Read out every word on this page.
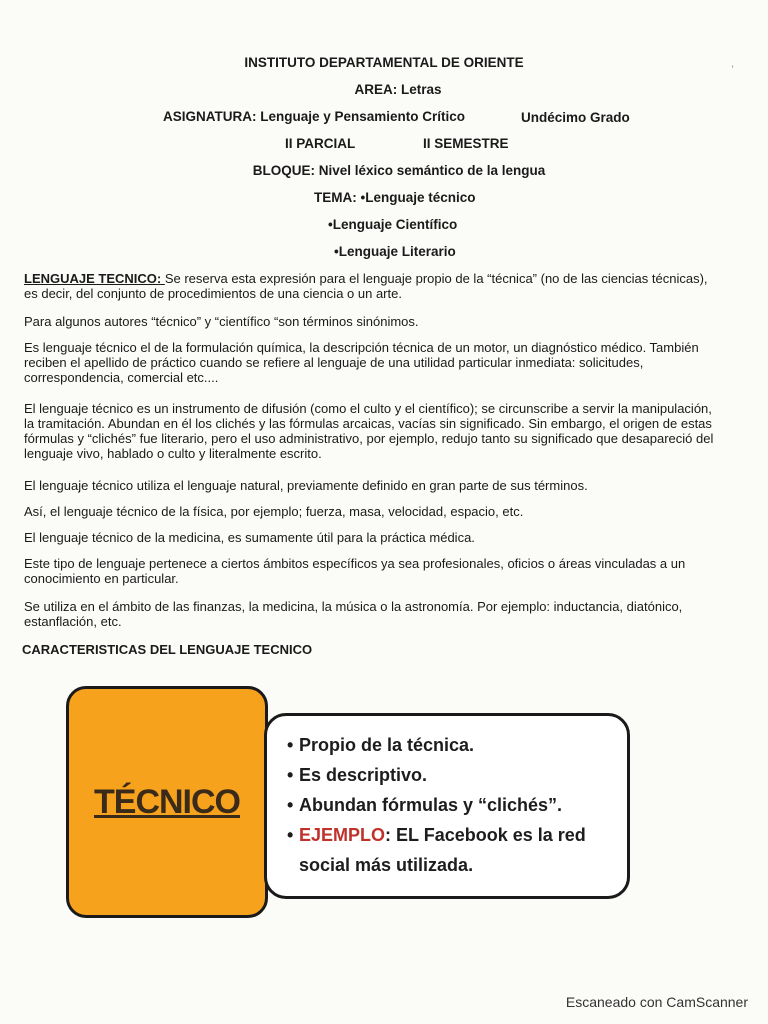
INSTITUTO DEPARTAMENTAL DE ORIENTE
AREA: Letras
ASIGNATURA: Lenguaje y Pensamiento Crítico	Undécimo Grado
II PARCIAL	II SEMESTRE
BLOQUE: Nivel léxico semántico de la lengua
TEMA: •Lenguaje técnico
•Lenguaje Científico
•Lenguaje Literario
˒
LENGUAJE TECNICO: Se reserva esta expresión para el lenguaje propio de la “técnica” (no de las ciencias técnicas), es decir, del conjunto de procedimientos de una ciencia o un arte.
Para algunos autores “técnico” y “científico “son términos sinónimos.
Es lenguaje técnico el de la formulación química, la descripción técnica de un motor, un diagnóstico médico. También reciben el apellido de práctico cuando se refiere al lenguaje de una utilidad particular inmediata: solicitudes, correspondencia, comercial etc....
El lenguaje técnico es un instrumento de difusión (como el culto y el científico); se circunscribe a servir la manipulación, la tramitación. Abundan en él los clichés y las fórmulas arcaicas, vacías sin significado. Sin embargo, el origen de estas fórmulas y “clichés” fue literario, pero el uso administrativo, por ejemplo, redujo tanto su significado que desapareció del lenguaje vivo, hablado o culto y literalmente escrito.
El lenguaje técnico utiliza el lenguaje natural, previamente definido en gran parte de sus términos.
Así, el lenguaje técnico de la física, por ejemplo; fuerza, masa, velocidad, espacio, etc.
El lenguaje técnico de la medicina, es sumamente útil para la práctica médica.
Este tipo de lenguaje pertenece a ciertos ámbitos específicos ya sea profesionales, oficios o áreas vinculadas a un conocimiento en particular.
Se utiliza en el ámbito de las finanzas, la medicina, la música o la astronomía. Por ejemplo: inductancia, diatónico, estanflación, etc.
CARACTERISTICAS DEL LENGUAJE TECNICO
TÉCNICO
• Propio de la técnica.
• Es descriptivo.
• Abundan fórmulas y “clichés”.
• EJEMPLO: EL Facebook es la red
social más utilizada.
Escaneado con CamScanner
